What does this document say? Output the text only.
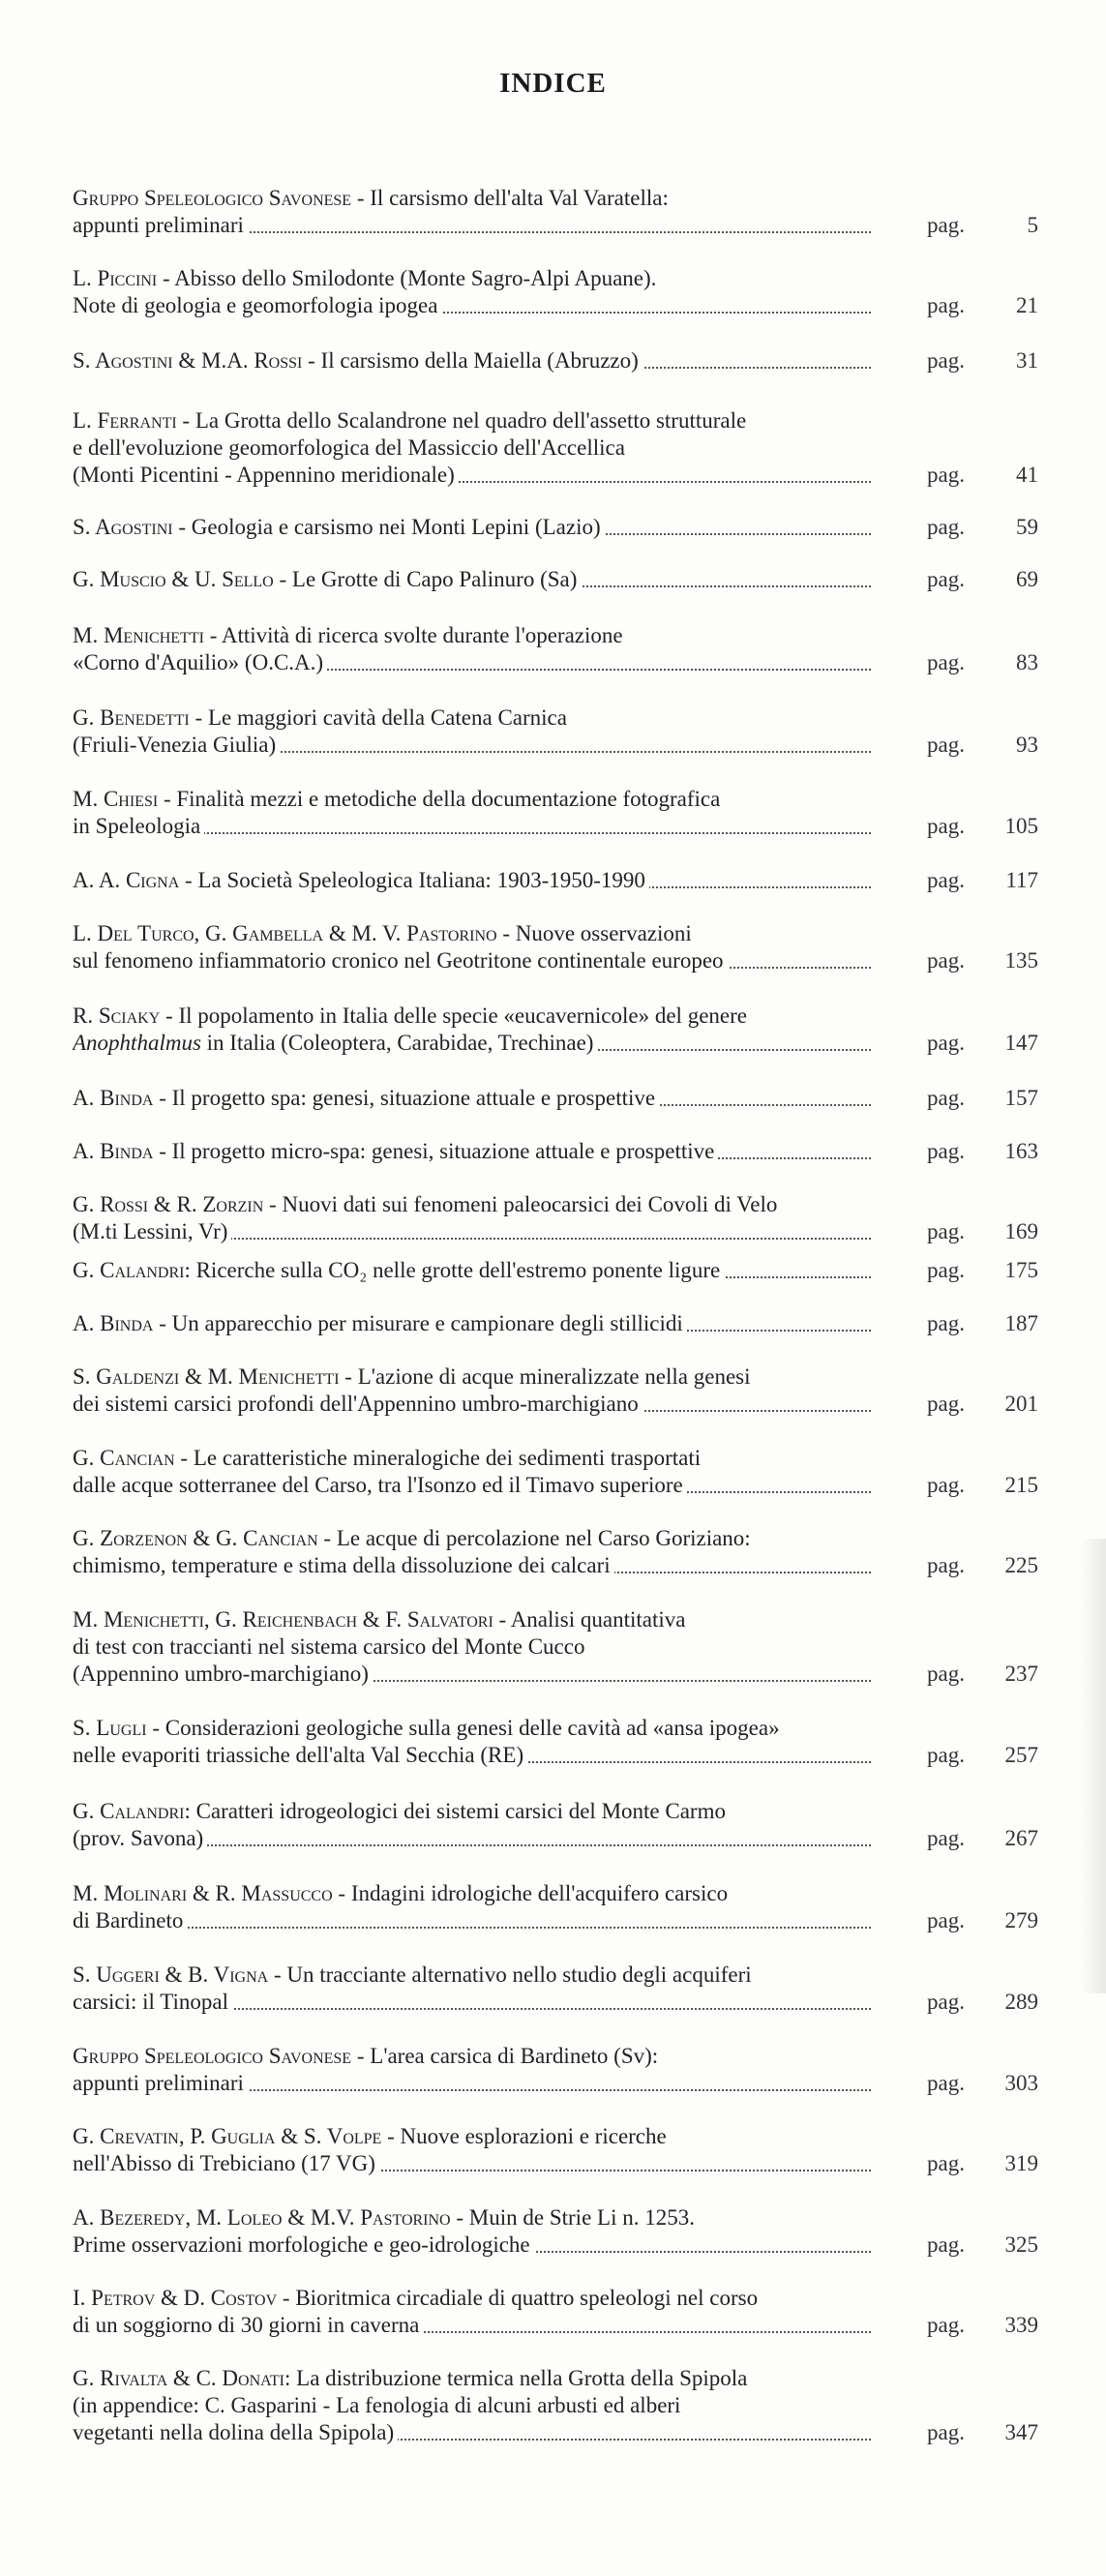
INDICE
Gruppo Speleologico Savonese - Il carsismo dell'alta Val Varatella:
appunti preliminari	pag.	5
L. Piccini - Abisso dello Smilodonte (Monte Sagro-Alpi Apuane).
Note di geologia e geomorfologia ipogea	pag. 21
S. Agostini & M.A. Rossi - Il carsismo della Maiella (Abruzzo)	pag. 31
L. Ferranti - La Grotta dello Scalandrone nel quadro dell'assetto strutturale
e dell'evoluzione geomorfologica del Massiccio dell'Accellica
(Monti Picentini - Appennino meridionale)	pag. 41
S. Agostini - Geologia e carsismo nei Monti Lepini (Lazio)	pag. 59
G. Muscio & U. Sello - Le Grotte di Capo Palinuro (Sa)	pag. 69
M. Menichetti - Attività di ricerca svolte durante l'operazione
«Corno d'Aquilio» (O.C.A.)	pag. 83
G. Benedetti - Le maggiori cavità della Catena Carnica
(Friuli-Venezia Giulia)	pag. 93
M. Chiesi - Finalità mezzi e metodiche della documentazione fotografica
in Speleologia	pag. 105
A. A. Cigna - La Società Speleologica Italiana: 1903-1950-1990	pag. 117
L. Del Turco, G. Gambella & M. V. Pastorino - Nuove osservazioni
sul fenomeno infiammatorio cronico nel Geotritone continentale europeo	pag. 135
R. Sciaky - Il popolamento in Italia delle specie «eucavernicole» del genere
Anophthalmus in Italia (Coleoptera, Carabidae, Trechinae)	pag. 147
A. Binda - Il progetto spa: genesi, situazione attuale e prospettive	pag. 157
A. Binda - Il progetto micro-spa: genesi, situazione attuale e prospettive	pag. 163
G. Rossi & R. Zorzin - Nuovi dati sui fenomeni paleocarsici dei Covoli di Velo
(M.ti Lessini, Vr)	pag. 169
G. Calandri: Ricerche sulla CO₂ nelle grotte dell'estremo ponente ligure	pag. 175
A. Binda - Un apparecchio per misurare e campionare degli stillicidi	pag. 187
S. Galdenzi & M. Menichetti - L'azione di acque mineralizzate nella genesi
dei sistemi carsici profondi dell'Appennino umbro-marchigiano	pag. 201
G. Cancian - Le caratteristiche mineralogiche dei sedimenti trasportati
dalle acque sotterranee del Carso, tra l'Isonzo ed il Timavo superiore	pag. 215
G. Zorzenon & G. Cancian - Le acque di percolazione nel Carso Goriziano:
chimismo, temperature e stima della dissoluzione dei calcari	pag. 225
M. Menichetti, G. Reichenbach & F. Salvatori - Analisi quantitativa
di test con traccianti nel sistema carsico del Monte Cucco
(Appennino umbro-marchigiano)	pag. 237
S. Lugli - Considerazioni geologiche sulla genesi delle cavità ad «ansa ipogea»
nelle evaporiti triassiche dell'alta Val Secchia (RE)	pag. 257
G. Calandri: Caratteri idrogeologici dei sistemi carsici del Monte Carmo
(prov. Savona)	pag. 267
M. Molinari & R. Massucco - Indagini idrologiche dell'acquifero carsico
di Bardineto	pag. 279
S. Uggeri & B. Vigna - Un tracciante alternativo nello studio degli acquiferi
carsici: il Tinopal	pag. 289
Gruppo Speleologico Savonese - L'area carsica di Bardineto (Sv):
appunti preliminari	pag. 303
G. Crevatin, P. Guglia & S. Volpe - Nuove esplorazioni e ricerche
nell'Abisso di Trebiciano (17 VG)	pag. 319
A. Bezeredy, M. Loleo & M.V. Pastorino - Muin de Strie Li n. 1253.
Prime osservazioni morfologiche e geo-idrologiche	pag. 325
I. Petrov & D. Costov - Bioritmica circadiale di quattro speleologi nel corso
di un soggiorno di 30 giorni in caverna	pag. 339
G. Rivalta & C. Donati: La distribuzione termica nella Grotta della Spipola
(in appendice: C. Gasparini - La fenologia di alcuni arbusti ed alberi
vegetanti nella dolina della Spipola)	pag. 347
